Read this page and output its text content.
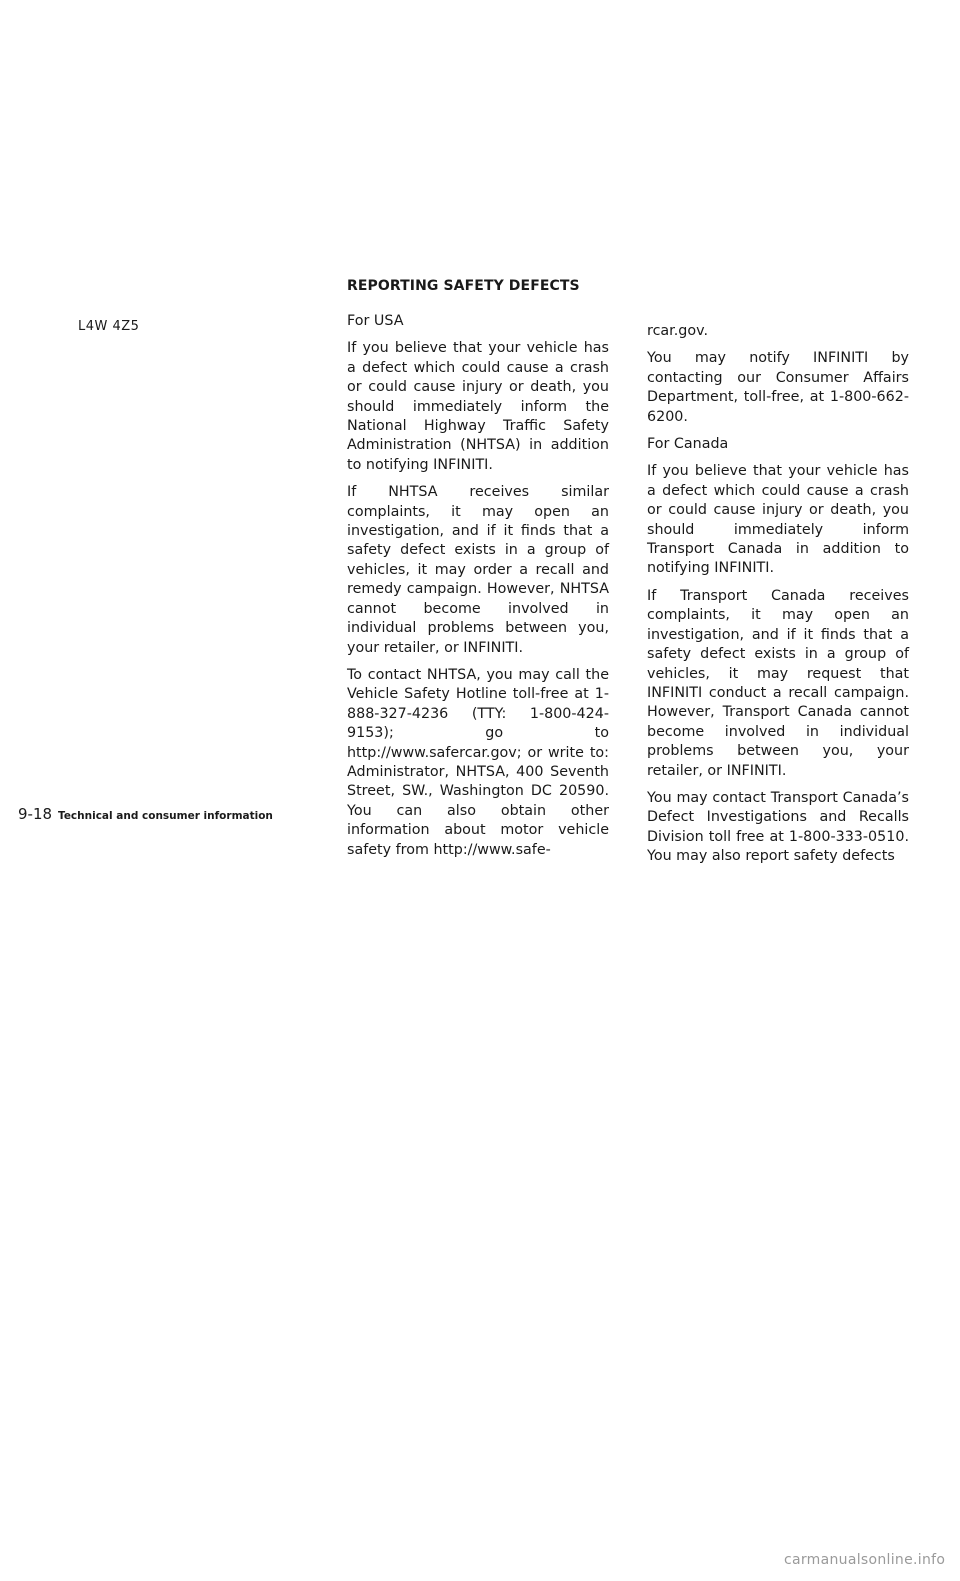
REPORTING SAFETY DEFECTS
L4W 4Z5	For USA

If you believe that your vehicle has a defect which could cause a crash or could cause injury or death, you should immediately inform the National Highway Traffic Safety Administration (NHTSA) in addition to notifying INFINITI.

If NHTSA receives similar complaints, it may open an investigation, and if it finds that a safety defect exists in a group of vehicles, it may order a recall and remedy campaign. However, NHTSA cannot become involved in individual problems between you, your retailer, or INFINITI.

To contact NHTSA, you may call the Vehicle Safety Hotline toll-free at 1-888-327-4236 (TTY: 1-800-424-9153); go to http://www.safercar.gov; or write to: Administrator, NHTSA, 400 Seventh Street, SW., Washington DC 20590. You can also obtain other information about motor vehicle safety from http://www.safe-

rcar.gov.

You may notify INFINITI by contacting our Consumer Affairs Department, toll-free, at 1-800-662-6200.

For Canada

If you believe that your vehicle has a defect which could cause a crash or could cause injury or death, you should immediately inform Transport Canada in addition to notifying INFINITI.

If Transport Canada receives complaints, it may open an investigation, and if it finds that a safety defect exists in a group of vehicles, it may request that INFINITI conduct a recall campaign. However, Transport Canada cannot become involved in individual problems between you, your retailer, or INFINITI.

You may contact Transport Canada’s Defect Investigations and Recalls Division toll free at 1-800-333-0510. You may also report safety defects

9-18 Technical and consumer information
carmanualsonline.info
